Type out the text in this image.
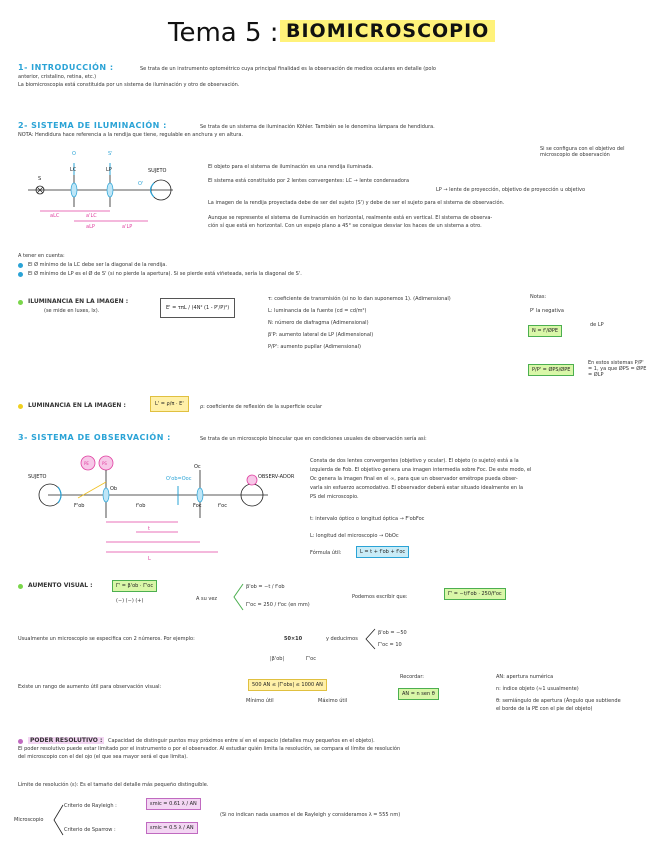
Tema 5 : BIOMICROSCOPIO
1- INTRODUCCIÓN :	Se trata de un instrumento optométrico cuya principal finalidad es la observación de medios oculares en detalle (polo
anterior, cristalino, retina, etc.)
La biomicroscopia está constituida por un sistema de iluminación y otro de observación.
2- SISTEMA DE ILUMINACIÓN :	Se trata de un sistema de iluminación Köhler. También se le denomina lámpara de hendidura.
NOTA: Hendidura hace referencia a la rendija que tiene, regulable en anchura y en altura.
S
LC	LP
O	S'
O'
SUJETO
aLC	a'LC
aLP	a'LP
Si se configura con el objetivo del microscopio de observación
El objeto para el sistema de iluminación es una rendija iluminada.
El sistema está constituido por 2 lentes convergentes: LC → lente condensadora
LP → lente de proyección, objetivo de proyección u objetivo
La imagen de la rendija proyectada debe de ser del sujeto (S') y debe de ser el sujeto para el sistema de observación.
Aunque se represente el sistema de iluminación en horizontal, realmente está en vertical. El sistema de observa-
ción sí que está en horizontal. Con un espejo plano a 45° se consigue desviar los haces de un sistema a otro.
A tener en cuenta:
El Ø mínimo de la LC debe ser la diagonal de la rendija.
El Ø mínimo de LP es el Ø de S' (si no pierde la apertura). Si se pierde está viñeteada, sería la diagonal de S'.
ILUMINANCIA EN LA IMAGEN :
(se mide en luxes, lx).	E' = τπL / (4N² (1 - P'/P)²)
τ: coeficiente de transmisión (si no lo dan suponemos 1). (Adimensional)
L: luminancia de la fuente (cd = cd/m²)
N: número de diafragma (Adimensional)
β'P: aumento lateral de LP (Adimensional)
P/P': aumento pupilar (Adimensional)
Notas:
P' la negativa
N = f'/ØPE
de LP
P/P' = ØPS/ØPE
En estos sistemas P/P' = 1, ya que ØPS = ØPE = ØLP
LUMINANCIA EN LA IMAGEN :	L' = ρ/π · E'	ρ: coeficiente de reflexión de la superficie ocular
3- SISTEMA DE OBSERVACIÓN :	Se trata de un microscopio binocular que en condiciones usuales de observación sería así:
SUJETO	OBSERV-ADOR
PE	PS
Ob
Oc
F'ob	Foc
O'ob=Ooc
f'oc
f'ob
t
L
Consta de dos lentes convergentes (objetivo y ocular). El objeto (o sujeto) está a la
izquierda de Fob. El objetivo genera una imagen intermedia sobre Foc. De este modo, el
Oc genera la imagen final en el ∞, para que un observador emétrope pueda obser-
varla sin esfuerzo acomodativo. El observador deberá estar situado idealmente en la
PS del microscopio.
t: intervalo óptico o longitud óptica → F'obFoc
L: longitud del microscopio → ObOc
Fórmula útil:	L = t + f'ob + f'oc
AUMENTO VISUAL :	Γ' = β'ob · Γ'oc
(−) (−) (+)	A su vez
β'ob = −t / f'ob
Γ'oc = 250 / f'oc (en mm)
Podemos escribir que:	Γ' = −t/f'ob · 250/f'oc
Usualmente un microscopio se especifica con 2 números. Por ejemplo:	50×10	y deducimos
β'ob = −50
Γ'oc = 10
|β'ob|	Γ'oc
Existe un rango de aumento útil para observación visual:	500 AN ≤ |Γ'obs| ≤ 1000 AN
Mínimo útil	Máximo útil
Recordar:
AN = n sen θ
AN: apertura numérica
n: índice objeto (≈1 usualmente)
θ: semiángulo de apertura (Ángulo que subtiende
el borde de la PE con el pie del objeto)
PODER RESOLUTIVO :	Capacidad de distinguir puntos muy próximos entre sí en el espacio (detalles muy pequeños en el objeto).
El poder resolutivo puede estar limitado por el instrumento o por el observador. Al estudiar quién limita la resolución, se compara el límite de resolución
del microscopio con el del ojo (el que sea mayor será el que limita).
Límite de resolución (ε): Es el tamaño del detalle más pequeño distinguible.
Microscopio
Criterio de Rayleigh :	εmic = 0.61 λ / AN
Criterio de Sparrow :	εmic = 0.5 λ / AN
(Si no indican nada usamos el de Rayleigh y consideramos λ = 555 nm)
